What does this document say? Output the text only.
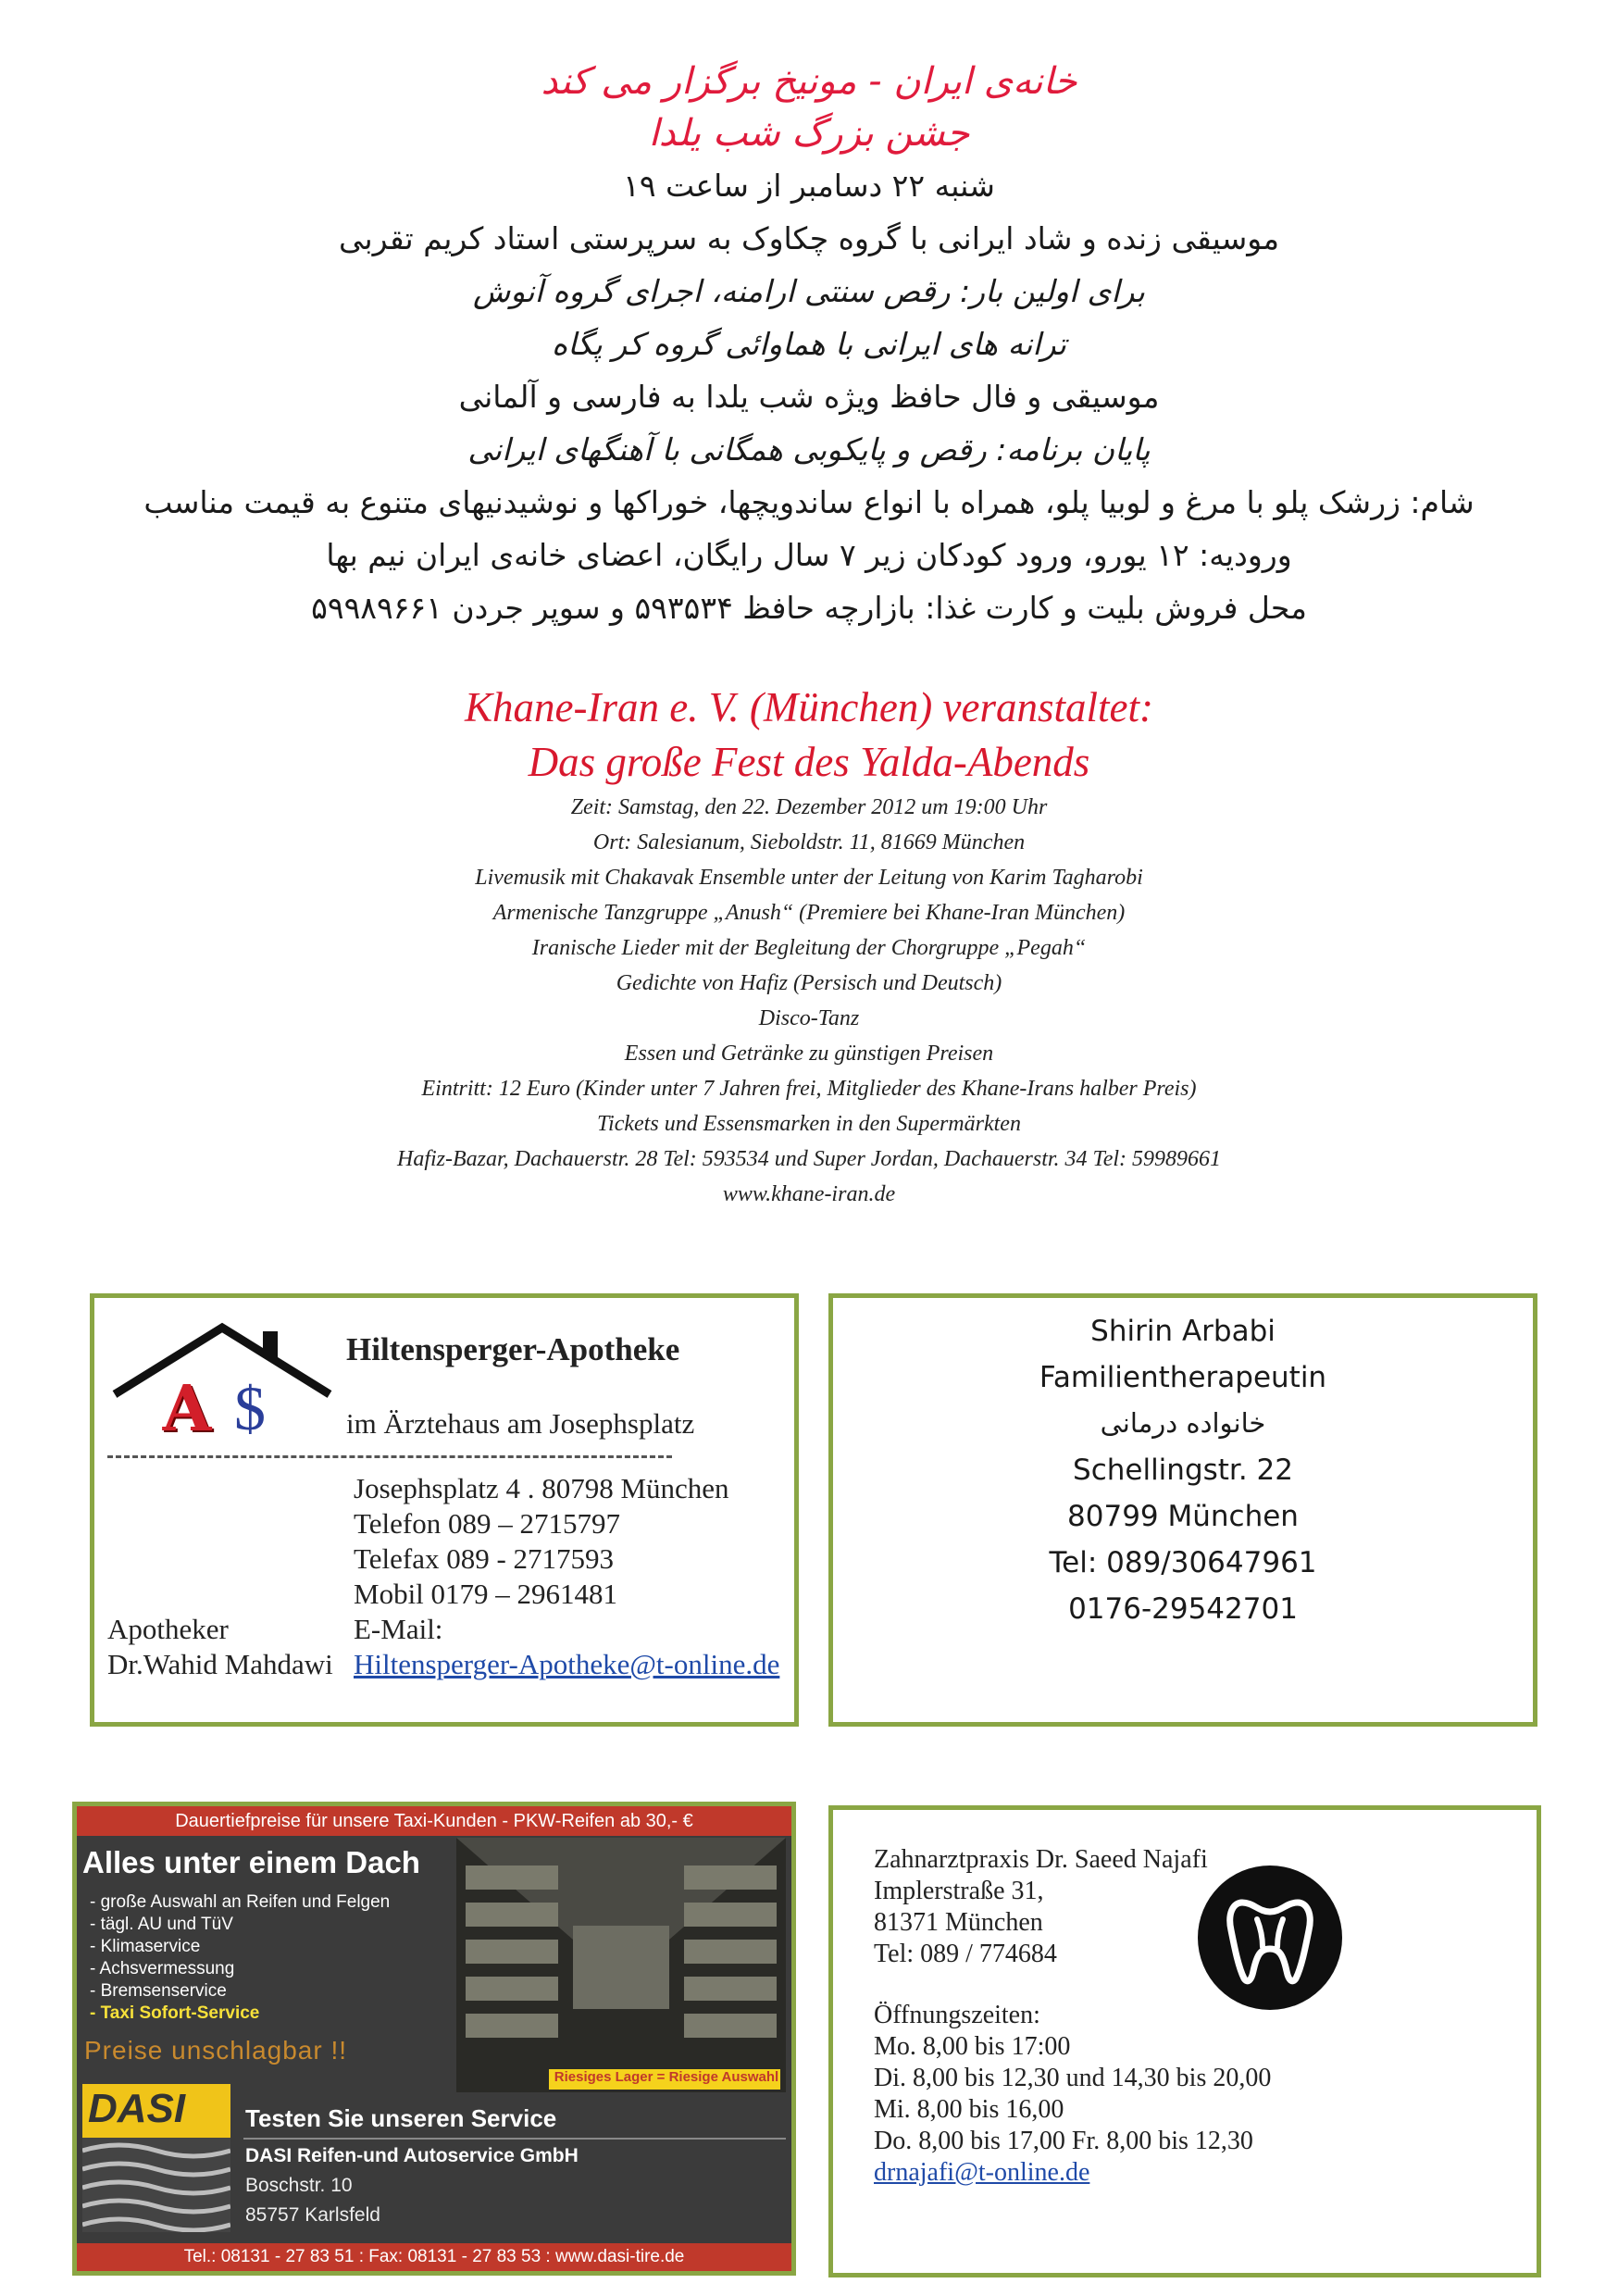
خانه‌ی ایران - مونیخ برگزار می کند
جشن بزرگ شب یلدا
شنبه ۲۲ دسامبر از ساعت ۱۹
موسیقی زنده و شاد ایرانی با گروه چکاوک به سرپرستی استاد کریم تقربی
برای اولین بار: رقص سنتی ارامنه، اجرای گروه آنوش
ترانه های ایرانی با هماوائی گروه کر پگاه
موسیقی و فال حافظ ویژه شب یلدا به فارسی و آلمانی
پایان برنامه: رقص و پایکوبی همگانی با آهنگهای ایرانی
شام: زرشک پلو با مرغ و لوبیا پلو، همراه با انواع ساندویچها، خوراکها و نوشیدنیهای متنوع به قیمت مناسب
ورودیه: ۱۲ یورو، ورود کودکان زیر ۷ سال رایگان، اعضای خانه‌ی ایران نیم بها
محل فروش بلیت و کارت غذا: بازارچه حافظ ۵۹۳۵۳۴ و سوپر جردن ۵۹۹۸۹۶۶۱
Khane-Iran e. V. (München) veranstaltet:
Das große Fest des Yalda-Abends
Zeit: Samstag, den 22. Dezember 2012 um 19:00 Uhr
Ort: Salesianum, Sieboldstr. 11, 81669 München
Livemusik mit Chakavak Ensemble unter der Leitung von Karim Tagharobi
Armenische Tanzgruppe „Anush“ (Premiere bei Khane-Iran München)
Iranische Lieder mit der Begleitung der Chorgruppe „Pegah“
Gedichte von Hafiz (Persisch und Deutsch)
Disco-Tanz
Essen und Getränke zu günstigen Preisen
Eintritt: 12 Euro (Kinder unter 7 Jahren frei, Mitglieder des Khane-Irans halber Preis)
Tickets und Essensmarken in den Supermärkten
Hafiz-Bazar, Dachauerstr. 28 Tel: 593534 und Super Jordan, Dachauerstr. 34 Tel: 59989661
www.khane-iran.de
A $
Hiltensperger-Apotheke
im Ärztehaus am Josephsplatz
Josephsplatz 4 . 80798 München
Telefon 089 – 2715797
Telefax 089 - 2717593
Mobil 0179 – 2961481
Apotheker	E-Mail:
Dr.Wahid Mahdawi Hiltensperger-Apotheke@t-online.de
Shirin Arbabi
Familientherapeutin
خانواده درمانی
Schellingstr. 22
80799 München
Tel: 089/30647961
0176-29542701
Dauertiefpreise für unsere Taxi-Kunden - PKW-Reifen ab 30,- €
Riesiges Lager = Riesige Auswahl
Alles unter einem Dach
- große Auswahl an Reifen und Felgen
- tägl. AU und TüV
- Klimaservice
- Achsvermessung
- Bremsenservice
- Taxi Sofort-Service
Preise unschlagbar !!
DASI Testen Sie unseren Service
DASI Reifen-und Autoservice GmbH
Boschstr. 10
85757 Karlsfeld
Tel.: 08131 - 27 83 51 : Fax: 08131 - 27 83 53 : www.dasi-tire.de
Zahnarztpraxis Dr. Saeed Najafi
Implerstraße 31,
81371 München
Tel: 089 / 774684
Öffnungszeiten:
Mo. 8,00 bis 17:00
Di. 8,00 bis 12,30 und 14,30 bis 20,00
Mi. 8,00 bis 16,00
Do. 8,00 bis 17,00 Fr. 8,00 bis 12,30
drnajafi@t-online.de
